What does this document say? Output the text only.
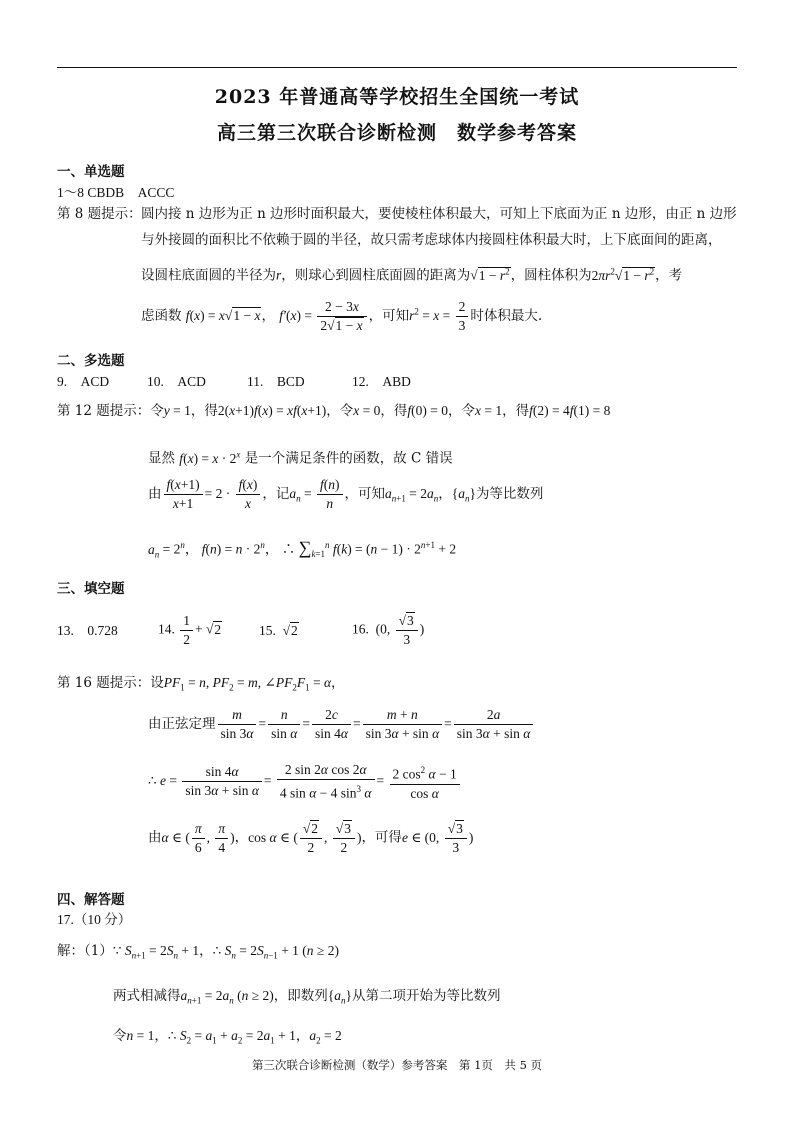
2023 年普通高等学校招生全国统一考试
高三第三次联合诊断检测　数学参考答案
一、单选题
1～8 CBDB　ACCC
第 8 题提示： 圆内接 n 边形为正 n 边形时面积最大，要使棱柱体积最大，可知上下底面为正 n 边形，由正 n 边形与外接圆的面积比不依赖于圆的半径，故只需考虑球体内接圆柱体积最大时，上下底面间的距离，
设圆柱底面圆的半径为r，则球心到圆柱底面圆的距离为$√1 - r^2$，圆柱体积为$2\pi r^2√1 - r^2$，考
虑函数 f(x) = x√1 − x， $f'(x) = \frac{2 - 3x}{2√1 - x}$ ，可知$r^2 = x = \frac{2}{3}$ 时体积最大.
二、多选题
9.　ACD	10.　ACD	11.　BCD	12.　ABD
第 12 题提示：令y = 1，得2(x+1)f(x) = xf(x+1)，令x = 0，得f(0) = 0，令x = 1，得f(2) = 4f(1) = 8
显然 $f(x) = x \cdot 2^x$ 是一个满足条件的函数，故 C 错误
由 $\frac{f(x+1)}{x+1} = 2 \cdot \frac{f(x)}{x}$ ，记$a_n = \frac{f(n)}{n}$ ，可知$a_{n+1} = 2a_n$，$\{a_n\}$为等比数列
$a_n = 2^n$， $f(n) = n \cdot 2^n$， ∴ $\sum_{k=1}^n$ $f(k) = (n - 1) \cdot 2^{n+1} + 2$
三、填空题
13.　0.728	14. $\frac{1}{2} + √2$	15.  √2	16.  (0, $\frac{√3}{3}$ )
第 16 题提示：设$PF_1 = n$, $PF_2 = m$, $\angle PF_2F_1 = \alpha$，
由正弦定理 $\frac{m}{\sin 3\alpha} = \frac{n}{\text{sin α}} = \frac{2c}{\sin 4\alpha} = \frac{m + n}{\text{sin 3α + sin α}} = \frac{2a}{\text{sin 3α + sin α}}$
∴ $e = \frac{\sin 4\alpha}{\text{sin 3α + sin α}} = \frac{\text{2 sin 2α cos 2α}}{4 \sin \alpha - 4 \sin^3 \alpha} = \frac{2 \cos^2 \alpha - 1}{\text{cos α}}$
由α ∈ ( $\frac{\pi}{6}$ , $\frac{\pi}{4}$ )，cos α ∈ ( $\frac{√2}{2}$ , $\frac{√3}{2}$ )，可得e ∈ (0, $\frac{√3}{3}$ )
四、解答题
17.（10 分）
解：（1）∵ $S_{n+1} = 2S_n + 1$，∴ $S_n = 2S_{n-1} + 1$ (n ≥ 2)
两式相减得$a_{n+1} = 2a_n$ (n ≥ 2)，即数列$\{a_n\}$从第二项开始为等比数列
令n = 1，∴ $S_2 = a_1 + a_2 = 2a_1 + 1$，$a_2 = 2$
第三次联合诊断检测（数学）参考答案　第 1页　共 5 页
